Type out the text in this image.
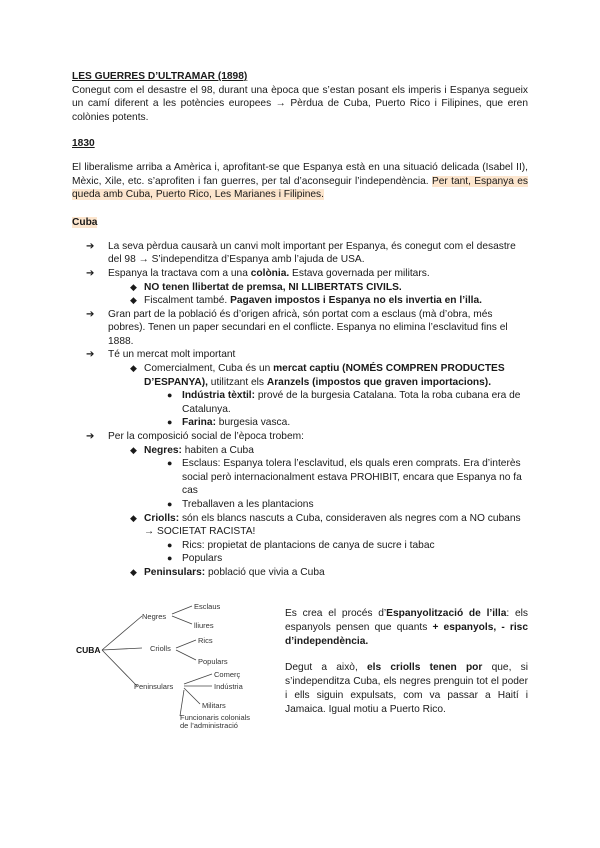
LES GUERRES D’ULTRAMAR (1898)

Conegut com el desastre el 98, durant una època que s’estan posant els imperis i Espanya segueix un camí diferent a les potències europees → Pèrdua de Cuba, Puerto Rico i Filipines, que eren colònies potents.

1830

El liberalisme arriba a Amèrica i, aprofitant-se que Espanya està en una situació delicada (Isabel II), Mèxic, Xile, etc. s’aprofiten i fan guerres, per tal d’aconseguir l’independència. Per tant, Espanya es queda amb Cuba, Puerto Rico, Les Marianes i Filipines.

Cuba

➔ La seva pèrdua causarà un canvi molt important per Espanya, és conegut com el desastre del 98 → S’independitza d’Espanya amb l’ajuda de USA.
➔ Espanya la tractava com a una colònia. Estava governada per militars.
◆ NO tenen llibertat de premsa, NI LLIBERTATS CIVILS.
◆ Fiscalment també. Pagaven impostos i Espanya no els invertia en l’illa.
➔ Gran part de la població és d’origen africà, són portat com a esclaus (mà d’obra, més pobres). Tenen un paper secundari en el conflicte. Espanya no elimina l’esclavitud fins el 1888.
➔ Té un mercat molt important
◆ Comercialment, Cuba és un mercat captiu (NOMÉS COMPREN PRODUCTES D’ESPANYA), utilitzant els Aranzels (impostos que graven importacions).
● Indústria tèxtil: prové de la burgesia Catalana. Tota la roba cubana era de Catalunya.
● Farina: burgesia vasca.
➔ Per la composició social de l’època trobem:
◆ Negres: habiten a Cuba
● Esclaus: Espanya tolera l’esclavitud, els quals eren comprats. Era d’interès social però internacionalment estava PROHIBIT, encara que Espanya no fa cas
● Treballaven a les plantacions
◆ Criolls: són els blancs nascuts a Cuba, consideraven als negres com a NO cubans → SOCIETAT RACISTA!
● Rics: propietat de plantacions de canya de sucre i tabac
● Populars
◆ Peninsulars: població que vivia a Cuba
CUBA
Negres
Esclaus
lliures
Criolls
Rics
Populars
Peninsulars
Comerç
Indústria
Militars
Funcionaris colonials
de l’administració

Es crea el procés d’Espanyolització de l’illa: els espanyols pensen que quants + espanyols, - risc d’independència.

Degut a això, els criolls tenen por que, si s’independitza Cuba, els negres prenguin tot el poder i ells siguin expulsats, com va passar a Haití i Jamaica. Igual motiu a Puerto Rico.
